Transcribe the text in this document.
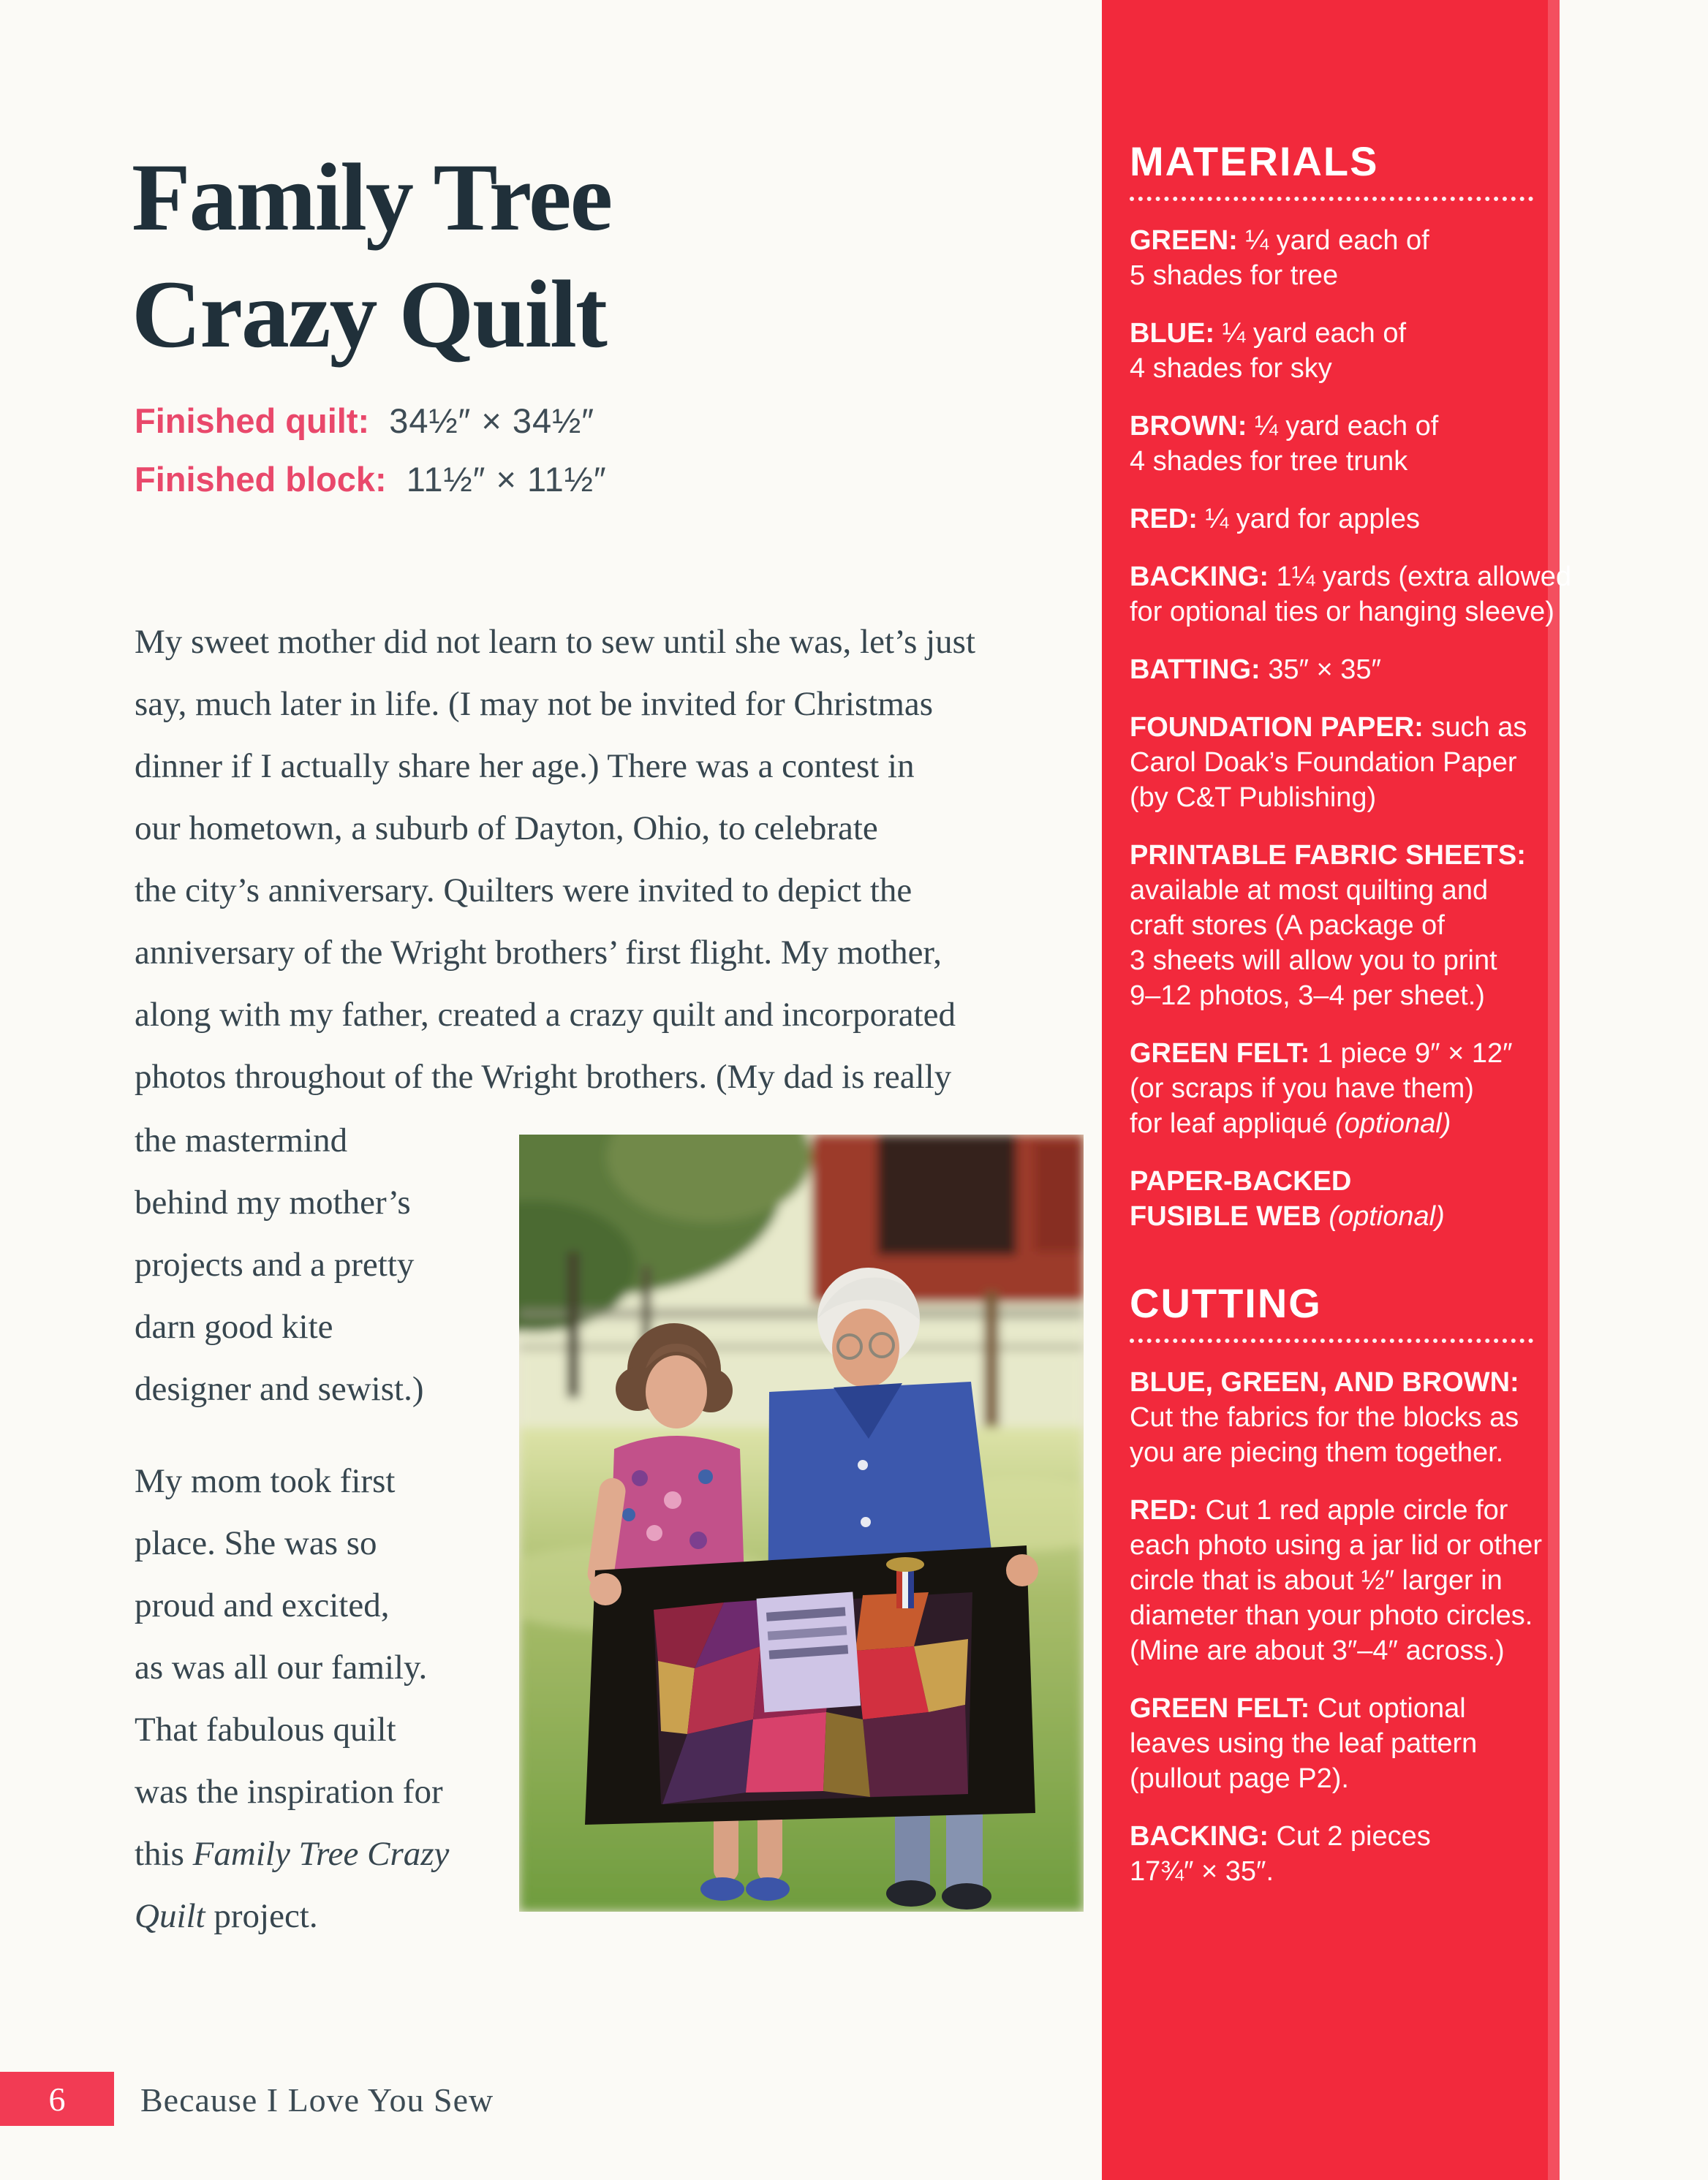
Family Tree
Crazy Quilt
Finished quilt: 34½″ × 34½″
Finished block: 11½″ × 11½″
My sweet mother did not learn to sew until she was, let’s just
say, much later in life. (I may not be invited for Christmas
dinner if I actually share her age.) There was a contest in
our hometown, a suburb of Dayton, Ohio, to celebrate
the city’s anniversary. Quilters were invited to depict the
anniversary of the Wright brothers’ first flight. My mother,
along with my father, created a crazy quilt and incorporated
photos throughout of the Wright brothers. (My dad is really
the mastermind
behind my mother’s
projects and a pretty
darn good kite
designer and sewist.)
My mom took first
place. She was so
proud and excited,
as was all our family.
That fabulous quilt
was the inspiration for
this Family Tree Crazy
Quilt project.
MATERIALS
GREEN: ¼ yard each of
5 shades for tree
BLUE: ¼ yard each of
4 shades for sky
BROWN: ¼ yard each of
4 shades for tree trunk
RED: ¼ yard for apples
BACKING: 1¼ yards (extra allowed
for optional ties or hanging sleeve)
BATTING: 35″ × 35″
FOUNDATION PAPER: such as
Carol Doak’s Foundation Paper
(by C&T Publishing)
PRINTABLE FABRIC SHEETS:
available at most quilting and
craft stores (A package of
3 sheets will allow you to print
9–12 photos, 3–4 per sheet.)
GREEN FELT: 1 piece 9″ × 12″
(or scraps if you have them)
for leaf appliqué (optional)
PAPER-BACKED
FUSIBLE WEB (optional)
CUTTING
BLUE, GREEN, AND BROWN:
Cut the fabrics for the blocks as
you are piecing them together.
RED: Cut 1 red apple circle for
each photo using a jar lid or other
circle that is about ½″ larger in
diameter than your photo circles.
(Mine are about 3″–4″ across.)
GREEN FELT: Cut optional
leaves using the leaf pattern
(pullout page P2).
BACKING: Cut 2 pieces
17¾″ × 35″.
6 Because I Love You Sew
